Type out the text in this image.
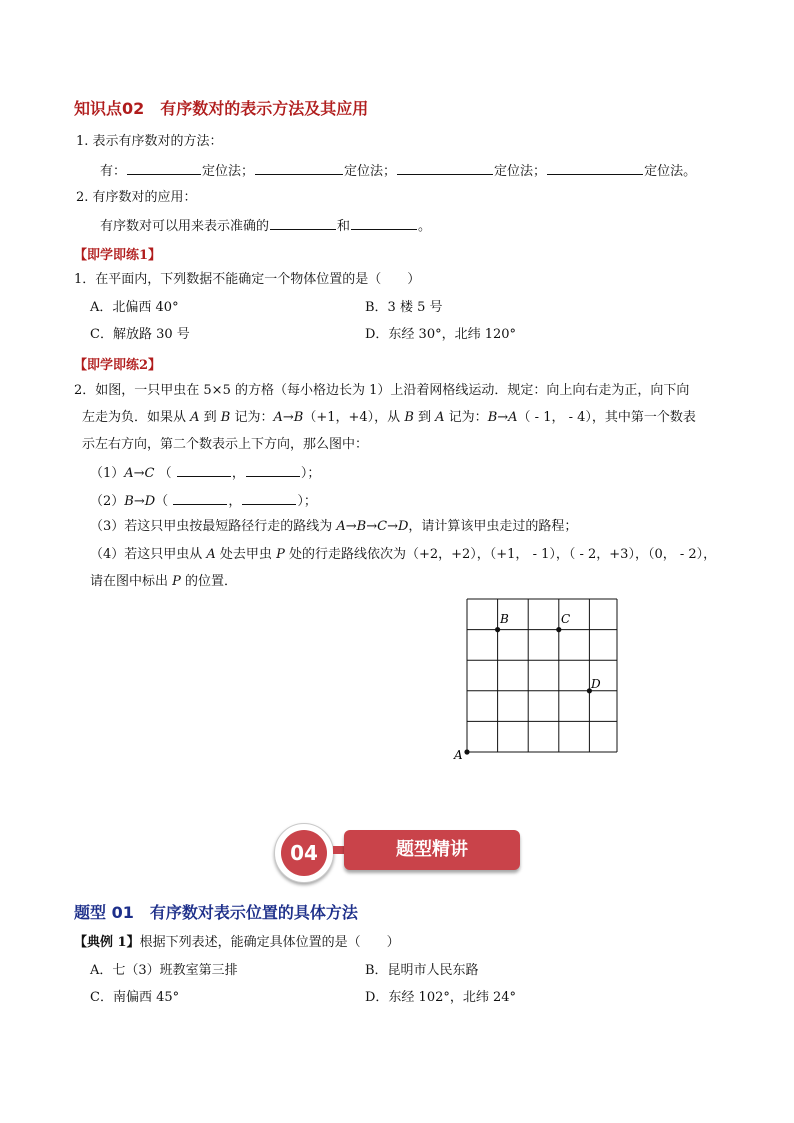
知识点02　有序数对的表示方法及其应用
1. 表示有序数对的方法：
有：	定位法；	定位法；	定位法；	定位法。
2. 有序数对的应用：
有序数对可以用来表示准确的	和	。
【即学即练1】
1．在平面内，下列数据不能确定一个物体位置的是（　　）
A．北偏西 40°	B．3 楼 5 号
C．解放路 30 号	D．东经 30°，北纬 120°
【即学即练2】
2．如图，一只甲虫在 5×5 的方格（每小格边长为 1）上沿着网格线运动．规定：向上向右走为正，向下向
左走为负．如果从 A 到 B 记为：A→B（+1，+4），从 B 到 A 记为：B→A（ - 1， - 4），其中第一个数表
示左右方向，第二个数表示上下方向，那么图中：
（1）A→C （	，	）；
（2）B→D（	，	）；
（3）若这只甲虫按最短路径行走的路线为 A→B→C→D，请计算该甲虫走过的路程；
（4）若这只甲虫从 A 处去甲虫 P 处的行走路线依次为（+2，+2），（+1， - 1），（ - 2，+3），（0， - 2），
请在图中标出 P 的位置．
A
B	C
D
04	题型精讲
题型 01　有序数对表示位置的具体方法
【典例 1】根据下列表述，能确定具体位置的是（　　）
A．七（3）班教室第三排	B．昆明市人民东路
C．南偏西 45°	D．东经 102°，北纬 24°
